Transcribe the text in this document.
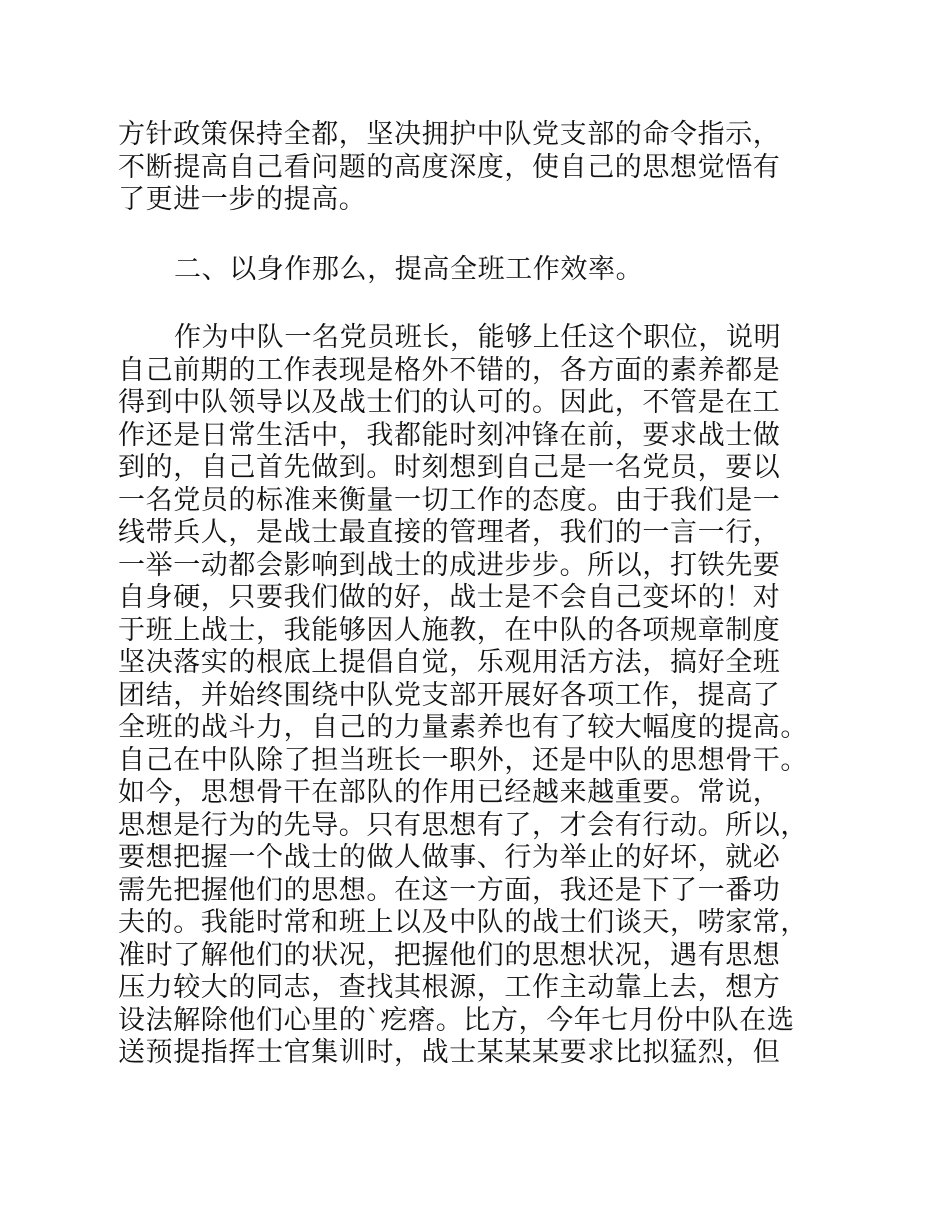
方针政策保持全都，坚决拥护中队党支部的命令指示，
不断提高自己看问题的高度深度，使自己的思想觉悟有
了更进一步的提高。
二、以身作那么，提高全班工作效率。
作为中队一名党员班长，能够上任这个职位，说明
自己前期的工作表现是格外不错的，各方面的素养都是
得到中队领导以及战士们的认可的。因此，不管是在工
作还是日常生活中，我都能时刻冲锋在前，要求战士做
到的，自己首先做到。时刻想到自己是一名党员，要以
一名党员的标准来衡量一切工作的态度。由于我们是一
线带兵人，是战士最直接的管理者，我们的一言一行，
一举一动都会影响到战士的成进步步。所以，打铁先要
自身硬，只要我们做的好，战士是不会自己变坏的！对
于班上战士，我能够因人施教，在中队的各项规章制度
坚决落实的根底上提倡自觉，乐观用活方法，搞好全班
团结，并始终围绕中队党支部开展好各项工作，提高了
全班的战斗力，自己的力量素养也有了较大幅度的提高。
自己在中队除了担当班长一职外，还是中队的思想骨干。
如今，思想骨干在部队的作用已经越来越重要。常说，
思想是行为的先导。只有思想有了，才会有行动。所以，
要想把握一个战士的做人做事、行为举止的好坏，就必
需先把握他们的思想。在这一方面，我还是下了一番功
夫的。我能时常和班上以及中队的战士们谈天，唠家常，
准时了解他们的状况，把握他们的思想状况，遇有思想
压力较大的同志，查找其根源，工作主动靠上去，想方
设法解除他们心里的`疙瘩。比方，今年七月份中队在选
送预提指挥士官集训时，战士某某某要求比拟猛烈，但
